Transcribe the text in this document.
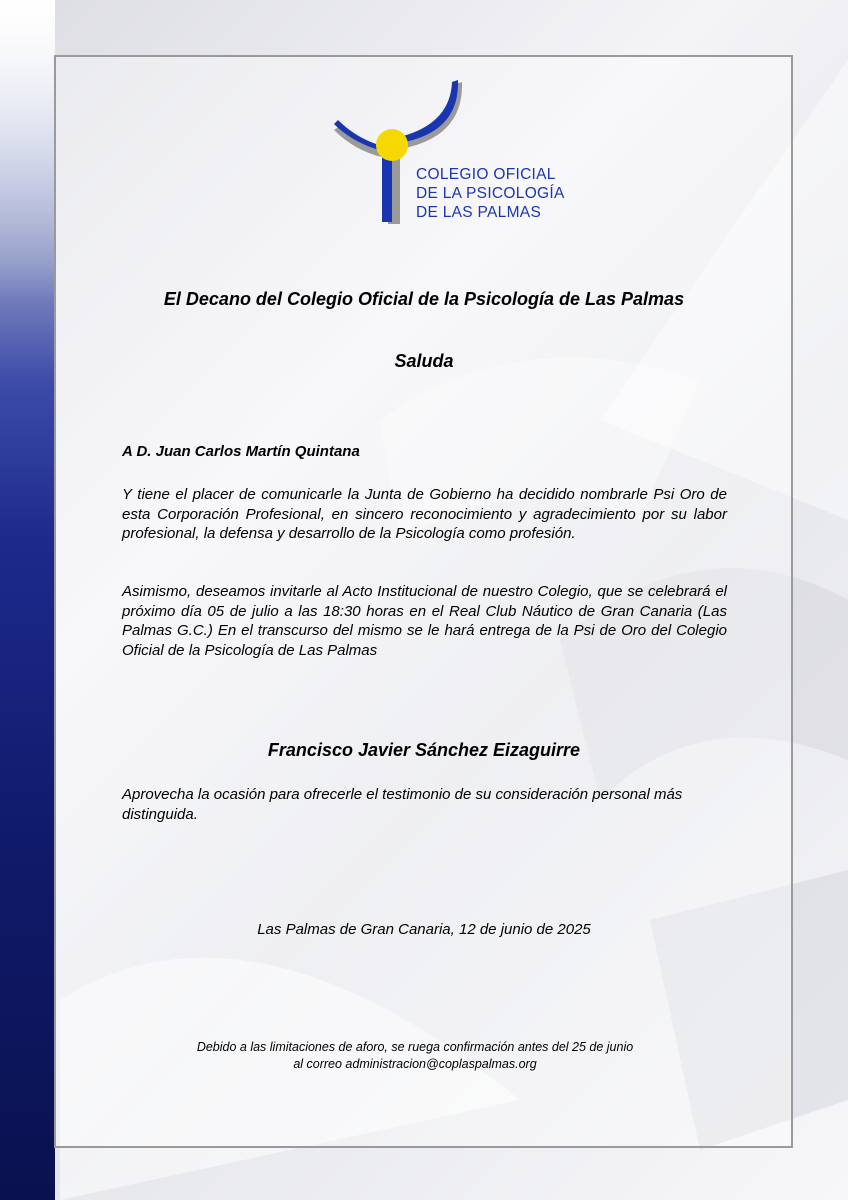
COLEGIO OFICIAL
DE LA PSICOLOGÍA
DE LAS PALMAS
El Decano del Colegio Oficial de la Psicología de Las Palmas
Saluda
A D. Juan Carlos Martín Quintana
Y tiene el placer de comunicarle la Junta de Gobierno ha decidido nombrarle Psi Oro de esta Corporación Profesional, en sincero reconocimiento y agradecimiento por su labor profesional, la defensa y desarrollo de la Psicología como profesión.
Asimismo, deseamos invitarle al Acto Institucional de nuestro Colegio, que se celebrará el próximo día 05 de julio a las 18:30 horas en el Real Club Náutico de Gran Canaria (Las Palmas G.C.) En el transcurso del mismo se le hará entrega de la Psi de Oro del Colegio Oficial de la Psicología de Las Palmas
Francisco Javier Sánchez Eizaguirre
Aprovecha la ocasión para ofrecerle el testimonio de su consideración personal más distinguida.
Las Palmas de Gran Canaria, 12 de junio de 2025
Debido a las limitaciones de aforo, se ruega confirmación antes del 25 de junio
al correo administracion@coplaspalmas.org
